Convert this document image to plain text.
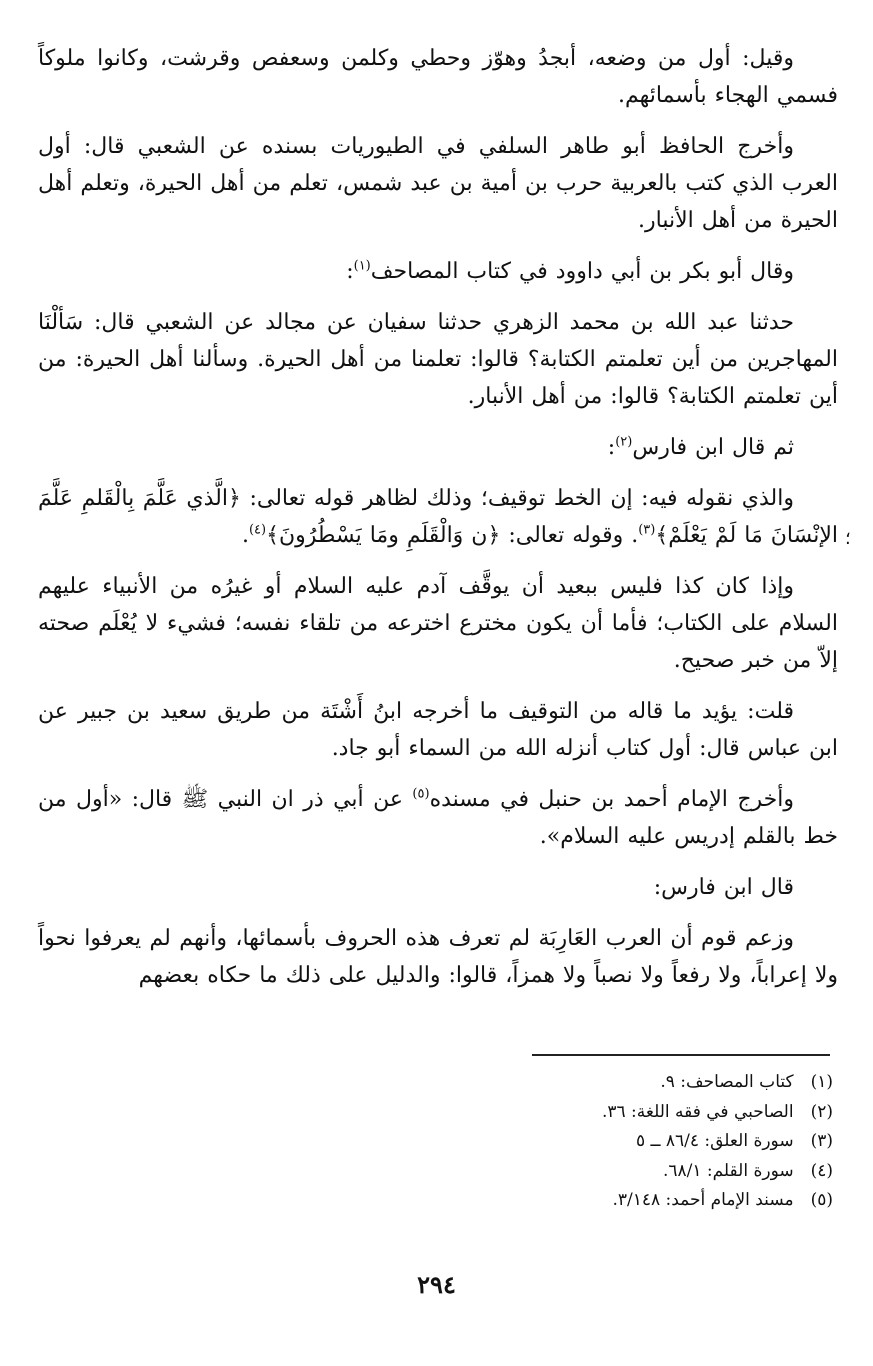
وقيل: أول من وضعه، أبجدُ وهوّز وحطي وكلمن وسعفص وقرشت، وكانوا ملوكاً فسمي الهجاء بأسمائهم.

وأخرج الحافظ أبو طاهر السلفي في الطيوريات بسنده عن الشعبي قال: أول العرب الذي كتب بالعربية حرب بن أمية بن عبد شمس، تعلم من أهل الحيرة، وتعلم أهل الحيرة من أهل الأنبار.

وقال أبو بكر بن أبي داوود في كتاب المصاحف$^{(١)}$:

حدثنا عبد الله بن محمد الزهري حدثنا سفيان عن مجالد عن الشعبي قال: سَألْنَا المهاجرين من أين تعلمتم الكتابة؟ قالوا: تعلمنا من أهل الحيرة. وسألنا أهل الحيرة: من أين تعلمتم الكتابة؟ قالوا: من أهل الأنبار.

ثم قال ابن فارس$^{(٢)}$:

والذي نقوله فيه: إن الخط توقيف؛ وذلك لظاهر قوله تعالى: ﴿الَّذي عَلَّمَ بِالْقَلمِ عَلَّمَ الإنْسَانَ مَا لَمْ يَعْلَمْ﴾$^{(٣)}$. وقوله تعالى: ﴿ن وَالْقَلَمِ ومَا يَسْطُرُونَ﴾$^{(٤)}$.

وإذا كان كذا فليس ببعيد أن يوقَّف آدم عليه السلام أو غيرُه من الأنبياء عليهم السلام على الكتاب؛ فأما أن يكون مخترع اخترعه من تلقاء نفسه؛ فشيء لا يُعْلَم صحته إلاّ من خبر صحيح.

قلت: يؤيد ما قاله من التوقيف ما أخرجه ابنُ أَشْتَة من طريق سعيد بن جبير عن ابن عباس قال: أول كتاب أنزله الله من السماء أبو جاد.

وأخرج الإمام أحمد بن حنبل في مسنده$^{(٥)}$ عن أبي ذر ان النبي ﷺ قال: «أول من خط بالقلم إدريس عليه السلام».

قال ابن فارس:

وزعم قوم أن العرب العَارِبَة لم تعرف هذه الحروف بأسمائها، وأنهم لم يعرفوا نحواً ولا إعراباً، ولا رفعاً ولا نصباً ولا همزاً، قالوا: والدليل على ذلك ما حكاه بعضهم

؛
(١) كتاب المصاحف: ٩.
(٢) الصاحبي في فقه اللغة: ٣٦.
(٣) سورة العلق: ٨٦/٤ ــ ٥
(٤) سورة القلم: ٦٨/١.
(٥) مسند الإمام أحمد: ٣/١٤٨.
٢٩٤
